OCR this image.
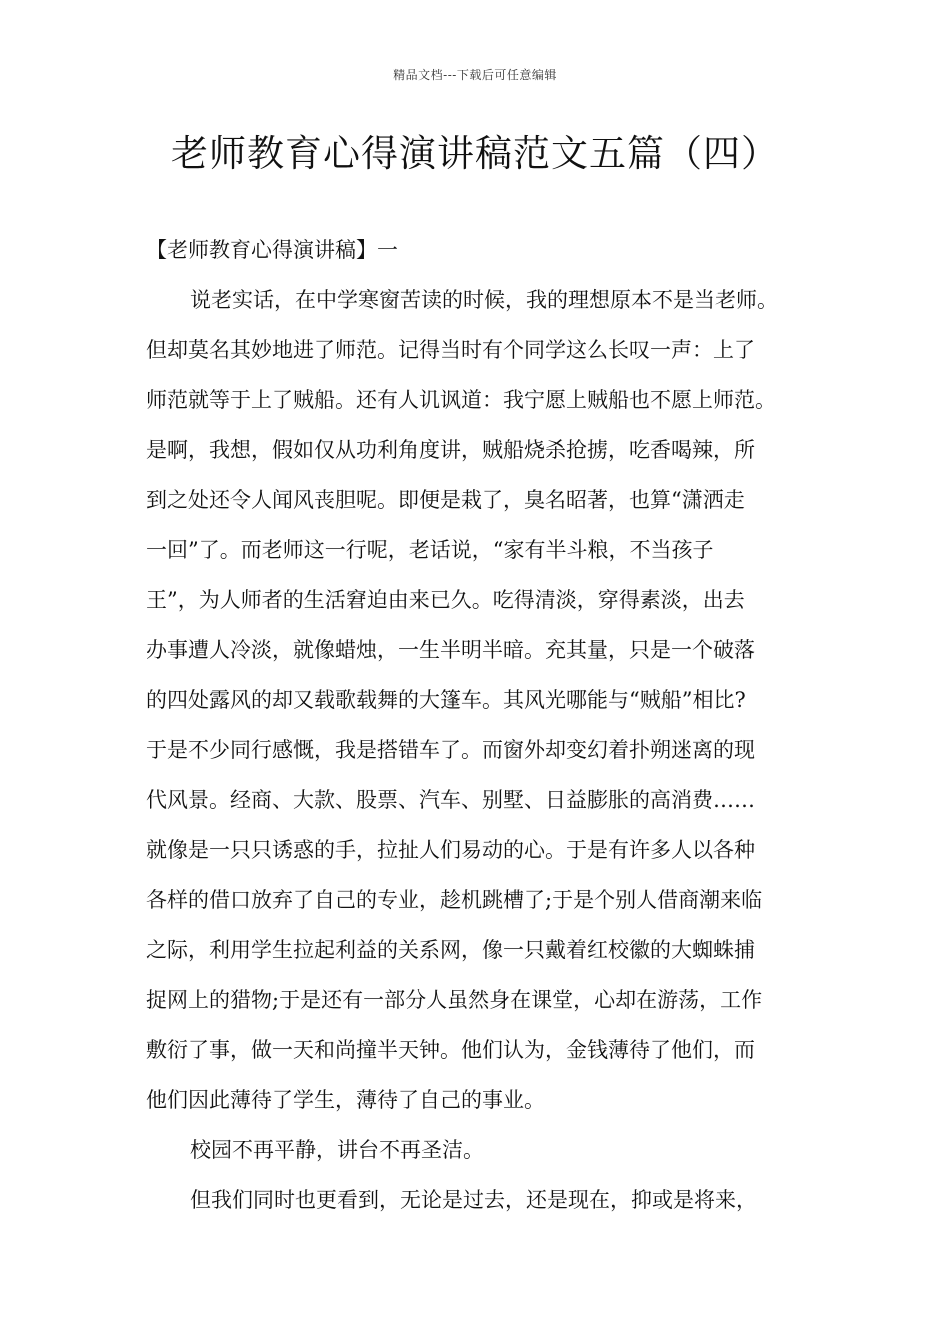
精品文档---下载后可任意编辑
老师教育心得演讲稿范文五篇（四）
【老师教育心得演讲稿】一
说老实话，在中学寒窗苦读的时候，我的理想原本不是当老师。
但却莫名其妙地进了师范。记得当时有个同学这么长叹一声：上了
师范就等于上了贼船。还有人讥讽道：我宁愿上贼船也不愿上师范。
是啊，我想，假如仅从功利角度讲，贼船烧杀抢掳，吃香喝辣，所
到之处还令人闻风丧胆呢。即便是栽了，臭名昭著，也算“潇洒走
一回”了。而老师这一行呢，老话说，“家有半斗粮，不当孩子
王”，为人师者的生活窘迫由来已久。吃得清淡，穿得素淡，出去
办事遭人冷淡，就像蜡烛，一生半明半暗。充其量，只是一个破落
的四处露风的却又载歌载舞的大篷车。其风光哪能与“贼船”相比?
于是不少同行感慨，我是搭错车了。而窗外却变幻着扑朔迷离的现
代风景。经商、大款、股票、汽车、别墅、日益膨胀的高消费……
就像是一只只诱惑的手，拉扯人们易动的心。于是有许多人以各种
各样的借口放弃了自己的专业，趁机跳槽了;于是个别人借商潮来临
之际，利用学生拉起利益的关系网，像一只戴着红校徽的大蜘蛛捕
捉网上的猎物;于是还有一部分人虽然身在课堂，心却在游荡，工作
敷衍了事，做一天和尚撞半天钟。他们认为，金钱薄待了他们，而
他们因此薄待了学生，薄待了自己的事业。
校园不再平静，讲台不再圣洁。
但我们同时也更看到，无论是过去，还是现在，抑或是将来，
